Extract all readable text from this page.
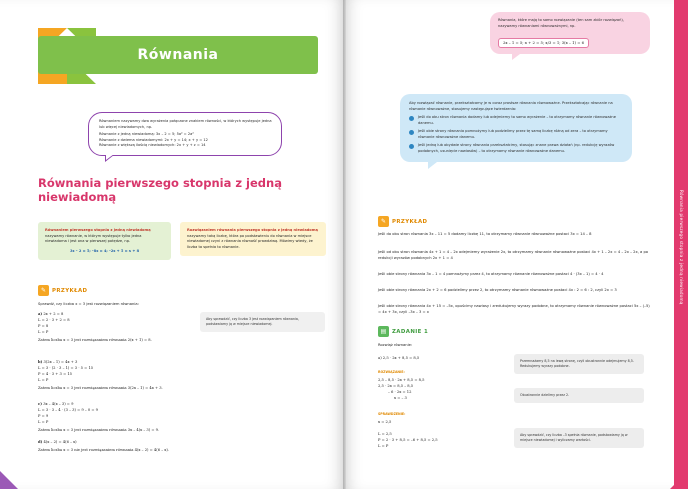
Równania
Równaniem nazywamy dwa wyrażenia połączone znakiem równości, w których występuje jedna lub więcej niewiadomych, np.
Równanie z jedną niewiadomą: 3x – 2 = 5; 5a² = 2a²
Równanie z dwiema niewiadomymi: 2x + y = 14; x + y = 12
Równanie z większą ilością niewiadomych: 2x + y + z = 14
Równania pierwszego stopnia z jedną niewiadomą
Równaniem pierwszego stopnia z jedną niewiadomą nazywamy równanie, w którym występuje tylko jedna niewiadoma i jest ona w pierwszej potędze, np.
3x – 2 = 5; –8x = 4; –2x + 5 = x + 8
Rozwiązaniem równania pierwszego stopnia z jedną niewiadomą nazywamy taką liczbę, która po podstawieniu do równania w miejsce niewiadomej czyni z równania równość prawdziwą. Mówimy wtedy, że liczba ta spełnia to równanie.
✎	PRZYKŁAD
Sprawdź, czy liczba x = 3 jest rozwiązaniem równania:
a) 2x + 2 = 8
L = 2 · 3 + 2 = 8
P = 8
L = P
Zatem liczba x = 3 jest rozwiązaniem równania 2(x + 1) = 8.
b) 3(2x – 1) = 4x + 3
L = 3 · (2 · 3 – 1) = 3 · 5 = 15
P = 4 · 3 + 3 = 15
L = P
Zatem liczba x = 3 jest rozwiązaniem równania 3(2x – 1) = 4x + 3.
c) 3x – 4(x – 3) = 9
L = 3 · 3 – 4 · (3 – 3) = 9 – 0 = 9
P = 9
L = P
Zatem liczba x = 3 jest rozwiązaniem równania 3x – 4(x – 3) = 9.
d) 4(x – 2) = 4(6 – x)
Zatem liczba x = 3 nie jest rozwiązaniem równania 4(x – 2) = 4(6 – x).
Aby sprawdzić, czy liczba 3 jest rozwiązaniem równania, podstawiamy ją w miejsce niewiadomej.
Równania, które mają to samo rozwiązanie (ten sam zbiór rozwiązań), nazywamy równaniami równoważnymi, np.
2x – 1 = 5; x + 2 = 5; x/3 = 1; 3(x – 1) = 6
Aby rozwiązać równanie, przekształcamy je w coraz prostsze równania równoważne. Przekształcając równanie na równanie równoważne, stosujemy następujące twierdzenia:
Jeśli do obu stron równania dodamy lub odejmiemy to samo wyrażenie – to otrzymamy równanie równoważne danemu.
Jeśli obie strony równania pomnożymy lub podzielimy przez tę samą liczbę różną od zera – to otrzymamy równanie równoważne danemu.
Jeśli jedną lub obydwie strony równania przekształcimy, stosując znane prawa działań (np. redukcję wyrazów podobnych, usunięcie nawiasów) – to otrzymamy równanie równoważne danemu.
✎	PRZYKŁAD
Jeśli do obu stron równania 3x – 11 = 5 dodamy liczbę 11, to otrzymamy równanie równoważne postaci 3x = 14 – 8
Jeśli od obu stron równania 4x + 1 = 4 – 2x odejmiemy wyrażenie 2x, to otrzymamy równanie równoważne postaci 4x + 1 – 2x = 4 – 2x – 2x, a po redukcji wyrazów podobnych 2x + 1 = 4
Jeśli obie strony równania 3x – 1 = 4 pomnożymy przez 4, to otrzymamy równanie równoważne postaci 4 · (3x – 1) = 4 · 4
Jeśli obie strony równania 2x + 2 = 6 podzielimy przez 2, to otrzymamy równanie równoważne postaci 4x : 2 = 6 : 2, czyli 2x = 3
Jeśli obie strony równania 4x + 15 = –5x, opuścimy nawiasy i zredukujemy wyrazy podobne, to otrzymamy równanie równoważne postaci 5x – (–5) = 4x + 3x, czyli –3x – 3 = x
▤	ZADANIE 1
Rozwiąż równanie:
a) 2,5 · 2x + 8,5 = 8,5
ROZWIĄZANIE:
2,5 – 8,5 · 2x + 8,5 = 8,5
2,5 · 2x = 8,5 – 8,5
– 6 · 2x = 12
x = – 3
SPRAWDZENIE:
x = 2,5
L = 2,5
P = 2 · 3 + 8,5 = –6 + 8,5 = 2,5
L = P
Przemnażamy 8,5 na lewą stronę, czyli obustronnie odejmujemy 8,5. Redukujemy wyrazy podobne.
Obustronnie dzielimy przez 2.
Aby sprawdzić, czy liczba –3 spełnia równanie, podstawiamy ją w miejsce niewiadomej i wyliczamy wartości.
Równania pierwszego stopnia z jedną niewiadomą
